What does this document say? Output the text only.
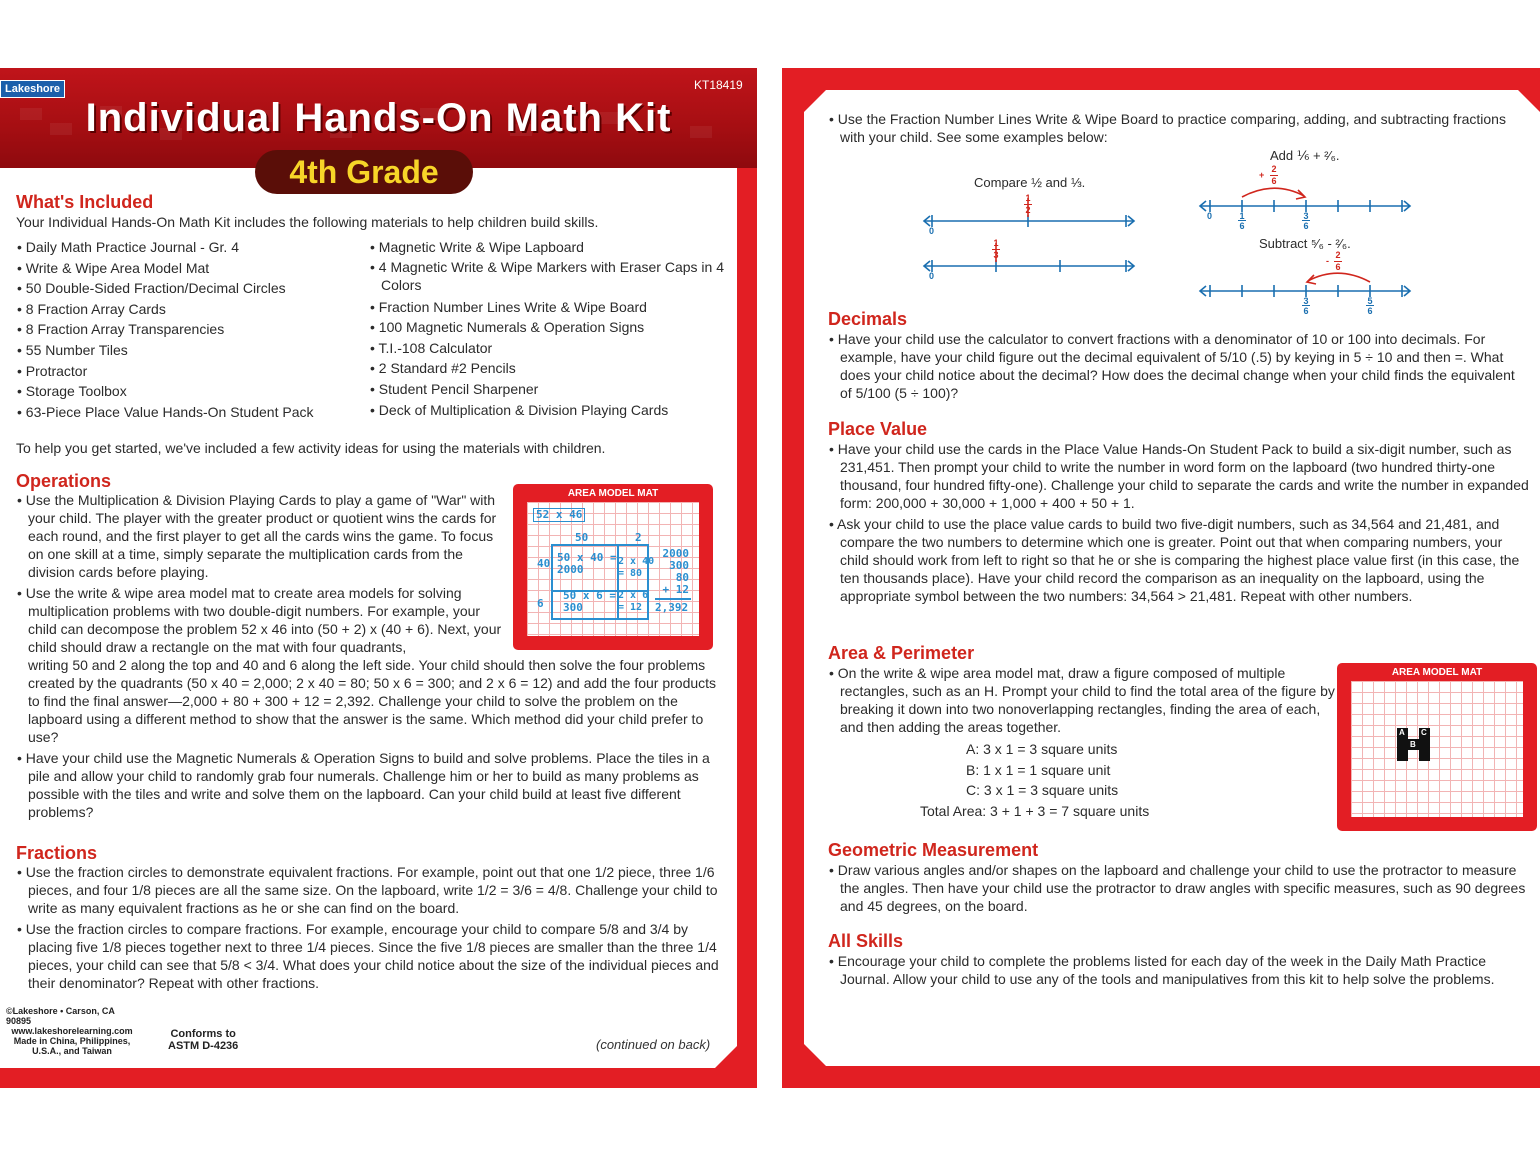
Lakeshore	KT18419
Individual Hands-On Math Kit
4th Grade
What's Included
Your Individual Hands-On Math Kit includes the following materials to help children build skills.
• Daily Math Practice Journal - Gr. 4
• Write & Wipe Area Model Mat
• 50 Double-Sided Fraction/Decimal Circles
• 8 Fraction Array Cards
• 8 Fraction Array Transparencies
• 55 Number Tiles
• Protractor
• Storage Toolbox
• 63-Piece Place Value Hands-On Student Pack
• Magnetic Write & Wipe Lapboard
• 4 Magnetic Write & Wipe Markers with Eraser Caps in 4 Colors
• Fraction Number Lines Write & Wipe Board
• 100 Magnetic Numerals & Operation Signs
• T.I.-108 Calculator
• 2 Standard #2 Pencils
• Student Pencil Sharpener
• Deck of Multiplication & Division Playing Cards
To help you get started, we've included a few activity ideas for using the materials with children.
Operations
• Use the Multiplication & Division Playing Cards to play a game of "War" with your child. The player with the greater product or quotient wins the cards for each round, and the first player to get all the cards wins the game. To focus on one skill at a time, simply separate the multiplication cards from the division cards before playing.
• Use the write & wipe area model mat to create area models for solving multiplication problems with two double-digit numbers. For example, your child can decompose the problem 52 x 46 into (50 + 2) x (40 + 6). Next, your child should draw a rectangle on the mat with four quadrants,
writing 50 and 2 along the top and 40 and 6 along the left side. Your child should then solve the four problems created by the quadrants (50 x 40 = 2,000; 2 x 40 = 80; 50 x 6 = 300; and 2 x 6 = 12) and add the four products to find the final answer—2,000 + 80 + 300 + 12 = 2,392. Challenge your child to solve the problem on the lapboard using a different method to show that the answer is the same. Which method did your child prefer to use?
• Have your child use the Magnetic Numerals & Operation Signs to build and solve problems. Place the tiles in a pile and allow your child to randomly grab four numerals. Challenge him or her to build as many problems as possible with the tiles and write and solve them on the lapboard. Can your child build at least five different problems?
AREA MODEL MAT
52 x 46
50	2
40
6
50 x 40 =
2000
2 x 40
= 80
50 x 6 =
300
2 x 6
= 12
2000
300
80
+ 12
2,392
Fractions
• Use the fraction circles to demonstrate equivalent fractions. For example, point out that one 1/2 piece, three 1/6 pieces, and four 1/8 pieces are all the same size. On the lapboard, write 1/2 = 3/6 = 4/8. Challenge your child to write as many equivalent fractions as he or she can find on the board.
• Use the fraction circles to compare fractions. For example, encourage your child to compare 5/8 and 3/4 by placing five 1/8 pieces together next to three 1/4 pieces. Since the five 1/8 pieces are smaller than the three 1/4 pieces, your child can see that 5/8 < 3/4. What does your child notice about the size of the individual pieces and their denominator? Repeat with other fractions.
©Lakeshore • Carson, CA 90895
www.lakeshorelearning.com
Made in China, Philippines,
U.S.A., and Taiwan
Conforms to
ASTM D-4236	(continued on back)
• Use the Fraction Number Lines Write & Wipe Board to practice comparing, adding, and subtracting fractions with your child. See some examples below:
Compare ½ and ⅓.
Add ⅙ + ²⁄₆.
Subtract ⁵⁄₆ - ²⁄₆.
0
0
0
1
2
1
3
1
6
3
6
+
2
6
-
2
6
3
6
5
6
Decimals
• Have your child use the calculator to convert fractions with a denominator of 10 or 100 into decimals. For example, have your child figure out the decimal equivalent of 5/10 (.5) by keying in 5 ÷ 10 and then =. What does your child notice about the decimal? How does the decimal change when your child finds the equivalent of 5/100 (5 ÷ 100)?
Place Value
• Have your child use the cards in the Place Value Hands-On Student Pack to build a six-digit number, such as 231,451. Then prompt your child to write the number in word form on the lapboard (two hundred thirty-one thousand, four hundred fifty-one). Challenge your child to separate the cards and write the number in expanded form: 200,000 + 30,000 + 1,000 + 400 + 50 + 1.
• Ask your child to use the place value cards to build two five-digit numbers, such as 34,564 and 21,481, and compare the two numbers to determine which one is greater. Point out that when comparing numbers, your child should work from left to right so that he or she is comparing the highest place value first (in this case, the ten thousands place). Have your child record the comparison as an inequality on the lapboard, using the appropriate symbol between the two numbers: 34,564 > 21,481. Repeat with other numbers.
Area & Perimeter
• On the write & wipe area model mat, draw a figure composed of multiple rectangles, such as an H. Prompt your child to find the total area of the figure by breaking it down into two nonoverlapping rectangles, finding the area of each, and then adding the areas together.
A: 3 x 1 = 3 square units
B: 1 x 1 = 1 square unit
C: 3 x 1 = 3 square units
Total Area: 3 + 1 + 3 = 7 square units
AREA MODEL MAT
A
B
C
Geometric Measurement
• Draw various angles and/or shapes on the lapboard and challenge your child to use the protractor to measure the angles. Then have your child use the protractor to draw angles with specific measures, such as 90 degrees and 45 degrees, on the board.
All Skills
• Encourage your child to complete the problems listed for each day of the week in the Daily Math Practice Journal. Allow your child to use any of the tools and manipulatives from this kit to help solve the problems.
